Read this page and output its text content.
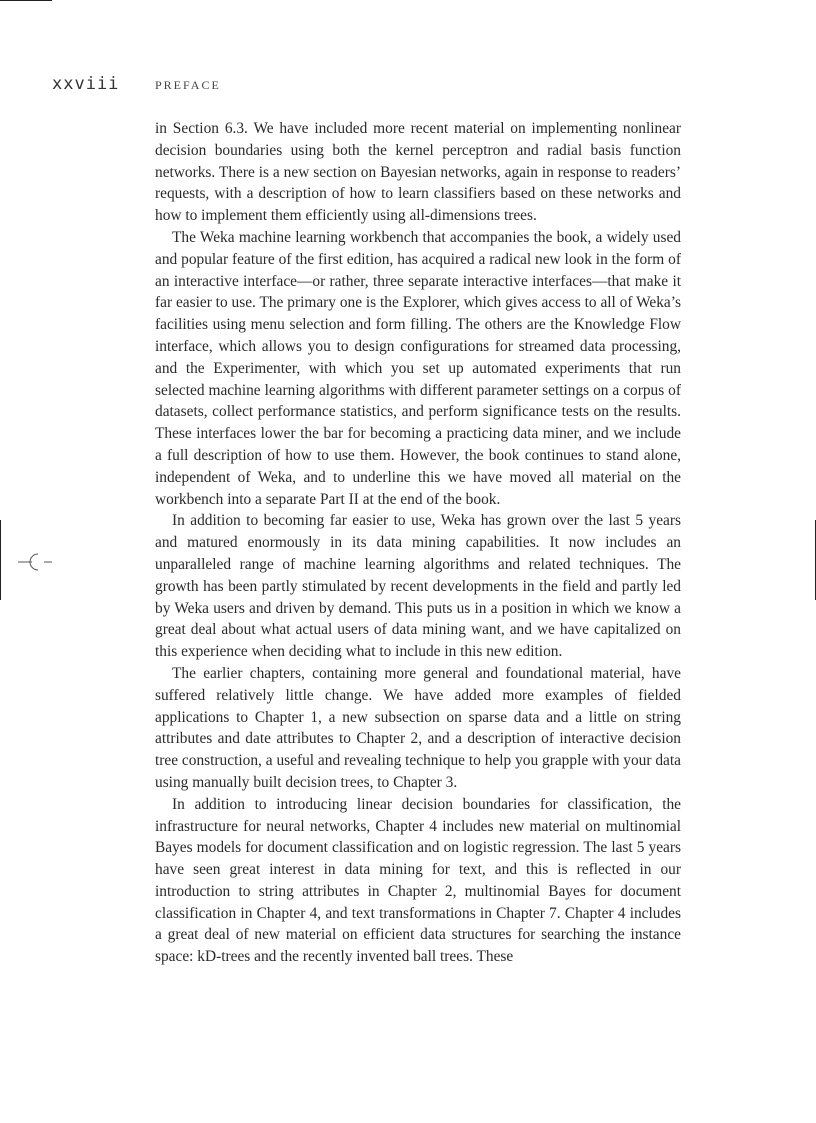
xxviii	PREFACE

in Section 6.3. We have included more recent material on implementing nonlinear decision boundaries using both the kernel perceptron and radial basis function networks. There is a new section on Bayesian networks, again in response to readers’ requests, with a description of how to learn classifiers based on these networks and how to implement them efficiently using all-dimensions trees.

The Weka machine learning workbench that accompanies the book, a widely used and popular feature of the first edition, has acquired a radical new look in the form of an interactive interface—or rather, three separate interactive interfaces—that make it far easier to use. The primary one is the Explorer, which gives access to all of Weka’s facilities using menu selection and form filling. The others are the Knowledge Flow interface, which allows you to design configurations for streamed data processing, and the Experimenter, with which you set up automated experiments that run selected machine learning algorithms with different parameter settings on a corpus of datasets, collect performance statistics, and perform significance tests on the results. These interfaces lower the bar for becoming a practicing data miner, and we include a full description of how to use them. However, the book continues to stand alone, independent of Weka, and to underline this we have moved all material on the workbench into a separate Part II at the end of the book.

In addition to becoming far easier to use, Weka has grown over the last 5 years and matured enormously in its data mining capabilities. It now includes an unparalleled range of machine learning algorithms and related techniques. The growth has been partly stimulated by recent developments in the field and partly led by Weka users and driven by demand. This puts us in a position in which we know a great deal about what actual users of data mining want, and we have capitalized on this experience when deciding what to include in this new edition.

The earlier chapters, containing more general and foundational material, have suffered relatively little change. We have added more examples of fielded applications to Chapter 1, a new subsection on sparse data and a little on string attributes and date attributes to Chapter 2, and a description of interactive decision tree construction, a useful and revealing technique to help you grapple with your data using manually built decision trees, to Chapter 3.

In addition to introducing linear decision boundaries for classification, the infrastructure for neural networks, Chapter 4 includes new material on multinomial Bayes models for document classification and on logistic regression. The last 5 years have seen great interest in data mining for text, and this is reflected in our introduction to string attributes in Chapter 2, multinomial Bayes for document classification in Chapter 4, and text transformations in Chapter 7. Chapter 4 includes a great deal of new material on efficient data structures for searching the instance space: kD-trees and the recently invented ball trees. These
